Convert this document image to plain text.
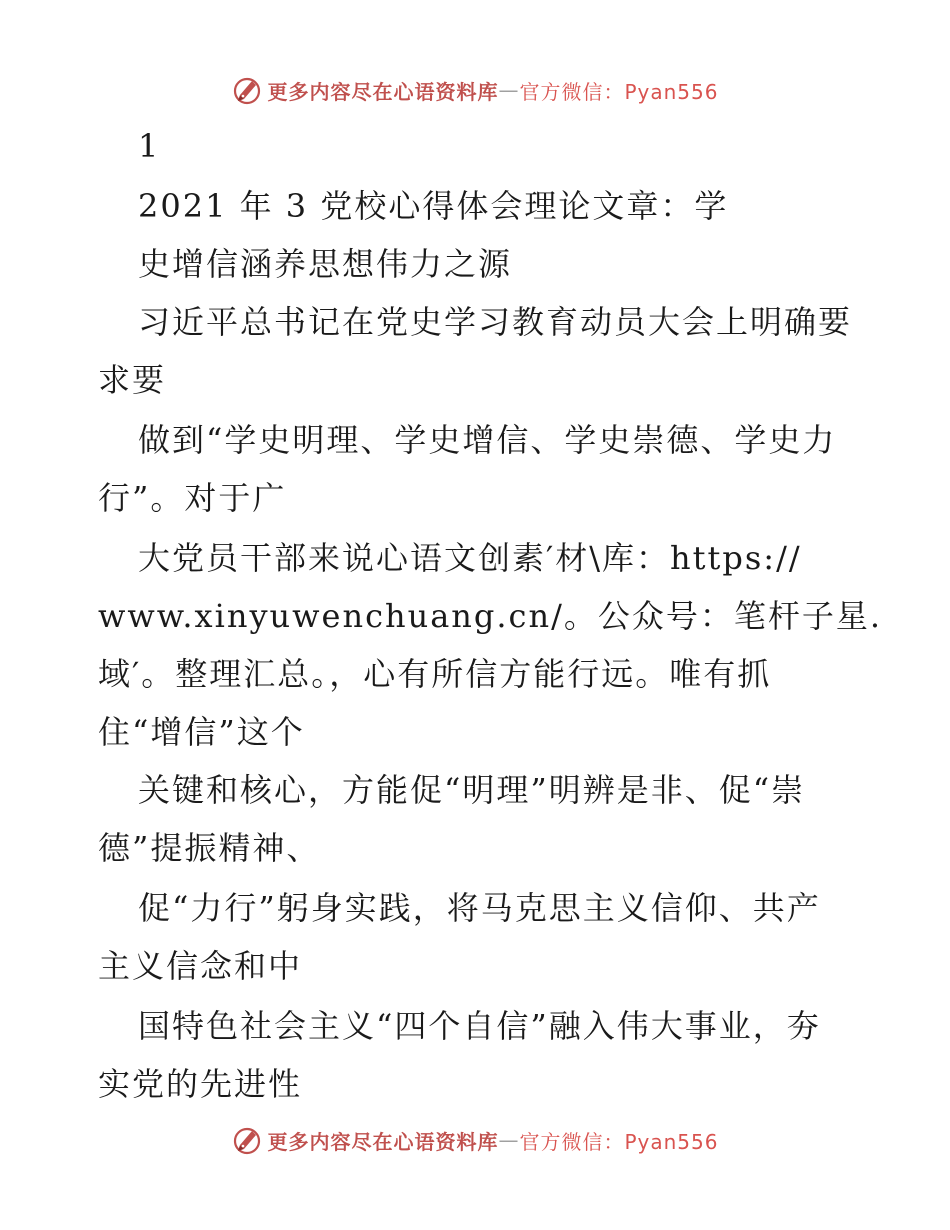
更多内容尽在心语资料库 — 官方微信：Pyan556
1
2021 年 3 党校心得体会理论文章：学
史增信涵养思想伟力之源
习近平总书记在党史学习教育动员大会上明确要
求要
做到“学史明理、学史增信、学史崇德、学史力
行”。对于广
大党员干部来说心语文创素′材\库：https://
www.xinyuwenchuang.cn/。公众号：笔杆子星.
域′。整理汇总。，心有所信方能行远。唯有抓
住“增信”这个
关键和核心，方能促“明理”明辨是非、促“崇
德”提振精神、
促“力行”躬身实践，将马克思主义信仰、共产
主义信念和中
国特色社会主义“四个自信”融入伟大事业，夯
实党的先进性
更多内容尽在心语资料库 — 官方微信：Pyan556
